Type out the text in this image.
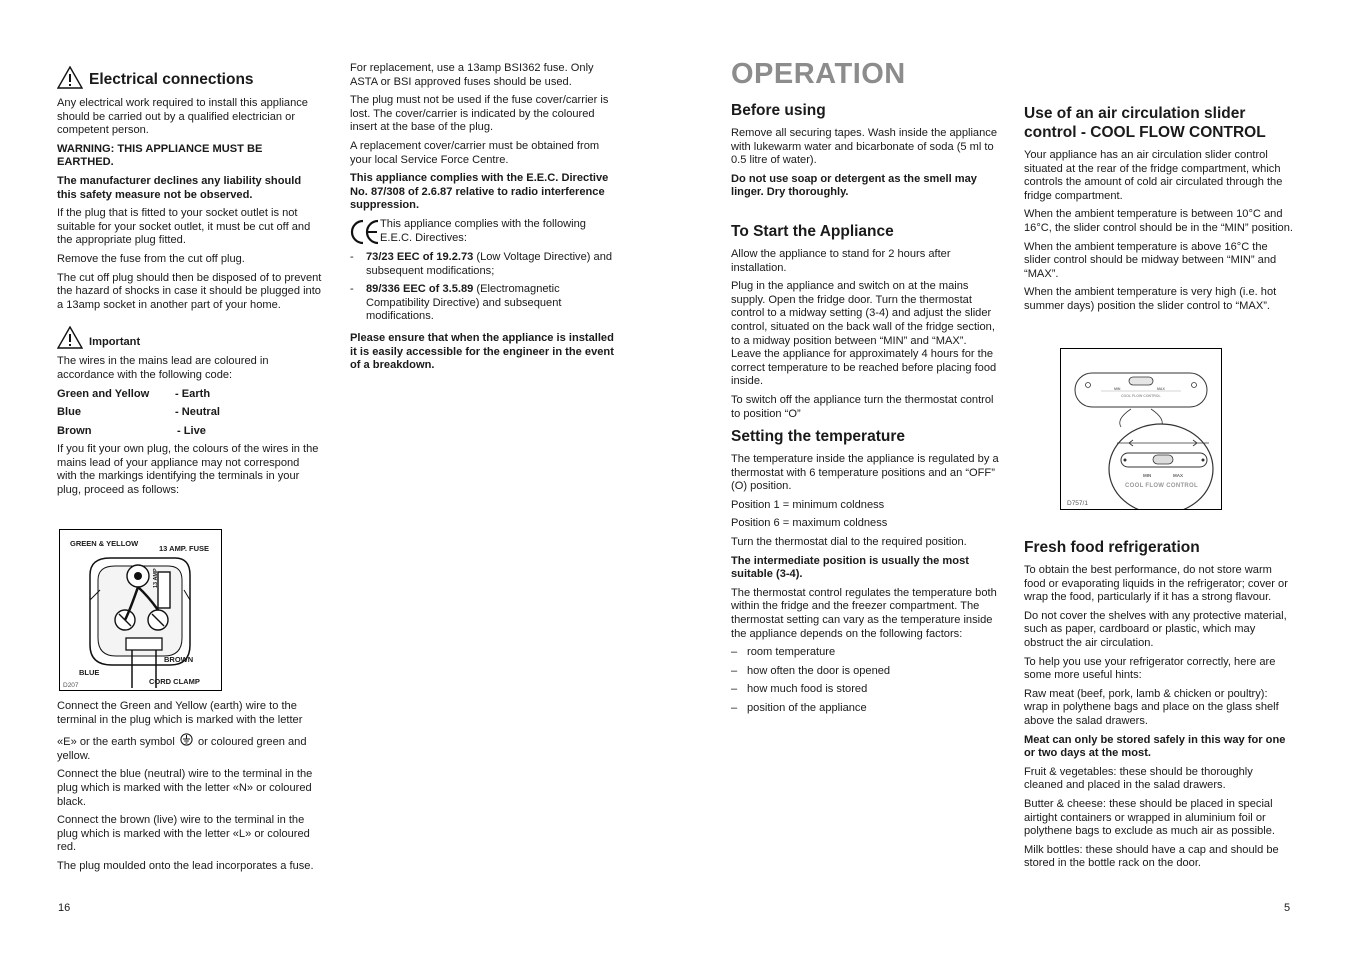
Electrical connections

Any electrical work required to install this appliance should be carried out by a qualified electrician or competent person.

WARNING: THIS APPLIANCE MUST BE EARTHED.

The manufacturer declines any liability should this safety measure not be observed.

If the plug that is fitted to your socket outlet is not suitable for your socket outlet, it must be cut off and the appropriate plug fitted.

Remove the fuse from the cut off plug.

The cut off plug should then be disposed of to prevent the hazard of shocks in case it should be plugged into a 13amp socket in another part of your home.

Important

The wires in the mains lead are coloured in accordance with the following code:

Green and Yellow	- Earth
Blue	- Neutral
Brown	- Live

If you fit your own plug, the colours of the wires in the mains lead of your appliance may not correspond with the markings identifying the terminals in your plug, proceed as follows:

GREEN & YELLOW
13 AMP. FUSE
13 AMP
BLUE
BROWN
CORD CLAMP
D207

Connect the Green and Yellow (earth) wire to the terminal in the plug which is marked with the letter

«E» or the earth symbol or coloured green and yellow.

Connect the blue (neutral) wire to the terminal in the plug which is marked with the letter «N» or coloured black.

Connect the brown (live) wire to the terminal in the plug which is marked with the letter «L» or coloured red.

The plug moulded onto the lead incorporates a fuse.

For replacement, use a 13amp BSI362 fuse. Only ASTA or BSI approved fuses should be used.

The plug must not be used if the fuse cover/carrier is lost. The cover/carrier is indicated by the coloured insert at the base of the plug.

A replacement cover/carrier must be obtained from your local Service Force Centre.

This appliance complies with the E.E.C. Directive No. 87/308 of 2.6.87 relative to radio interference suppression.

This appliance complies with the following E.E.C. Directives:
- 73/23 EEC of 19.2.73 (Low Voltage Directive) and subsequent modifications;
- 89/336 EEC of 3.5.89 (Electromagnetic Compatibility Directive) and subsequent modifications.

Please ensure that when the appliance is installed it is easily accessible for the engineer in the event of a breakdown.

16
OPERATION
Before using

Remove all securing tapes. Wash inside the appliance with lukewarm water and bicarbonate of soda (5 ml to 0.5 litre of water).

Do not use soap or detergent as the smell may linger. Dry thoroughly.

To Start the Appliance

Allow the appliance to stand for 2 hours after installation.

Plug in the appliance and switch on at the mains supply. Open the fridge door. Turn the thermostat control to a midway setting (3-4) and adjust the slider control, situated on the back wall of the fridge section, to a midway position between “MIN” and “MAX”. Leave the appliance for approximately 4 hours for the correct temperature to be reached before placing food inside.

To switch off the appliance turn the thermostat control to position “O”

Setting the temperature

The temperature inside the appliance is regulated by a thermostat with 6 temperature positions and an “OFF” (O) position.

Position 1 = minimum coldness

Position 6 = maximum coldness

Turn the thermostat dial to the required position.

The intermediate position is usually the most suitable (3-4).

The thermostat control regulates the temperature both within the fridge and the freezer compartment. The thermostat setting can vary as the temperature inside the appliance depends on the following factors:

– room temperature
– how often the door is opened
– how much food is stored
– position of the appliance
Use of an air circulation slider
control - COOL FLOW CONTROL

Your appliance has an air circulation slider control situated at the rear of the fridge compartment, which controls the amount of cold air circulated through the fridge compartment.

When the ambient temperature is between 10°C and 16°C, the slider control should be in the “MIN” position.

When the ambient temperature is above 16°C the slider control should be midway between “MIN” and “MAX”.

When the ambient temperature is very high (i.e. hot summer days) position the slider control to “MAX”.

MIN	MAX
COOL FLOW CONTROL
MIN	MAX
COOL FLOW CONTROL
D757/1
Fresh food refrigeration

To obtain the best performance, do not store warm food or evaporating liquids in the refrigerator; cover or wrap the food, particularly if it has a strong flavour.

Do not cover the shelves with any protective material, such as paper, cardboard or plastic, which may obstruct the air circulation.

To help you use your refrigerator correctly, here are some more useful hints:

Raw meat (beef, pork, lamb & chicken or poultry): wrap in polythene bags and place on the glass shelf above the salad drawers.

Meat can only be stored safely in this way for one or two days at the most.

Fruit & vegetables: these should be thoroughly cleaned and placed in the salad drawers.

Butter & cheese: these should be placed in special airtight containers or wrapped in aluminium foil or polythene bags to exclude as much air as possible.

Milk bottles: these should have a cap and should be stored in the bottle rack on the door.

5
